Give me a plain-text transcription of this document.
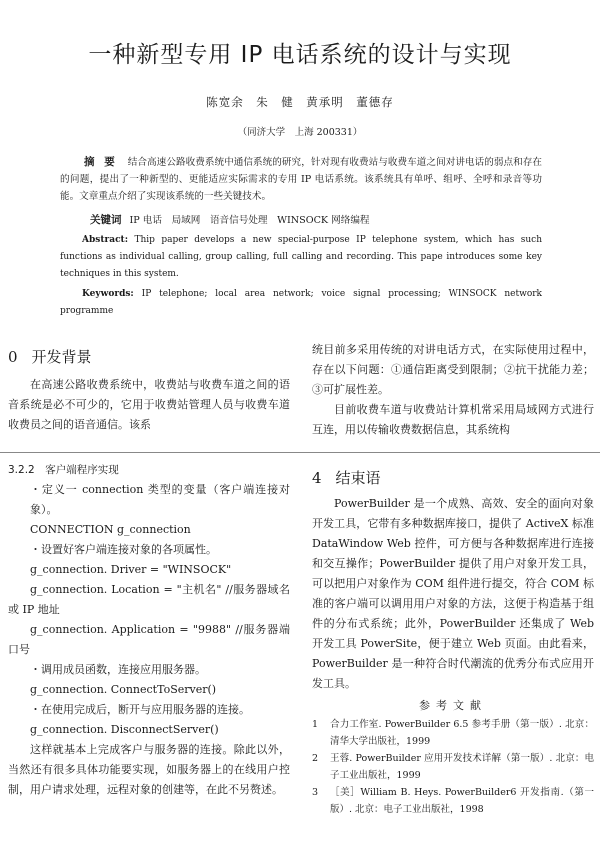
一种新型专用 IP 电话系统的设计与实现
陈宽余　朱　健　黄承明　董德存
（同济大学　上海 200331）
摘 要 结合高速公路收费系统中通信系统的研究，针对现有收费站与收费车道之间对讲电话的弱点和存在的问题，提出了一种新型的、更能适应实际需求的专用 IP 电话系统。该系统具有单呼、组呼、全呼和录音等功能。文章重点介绍了实现该系统的一些关键技术。
关键词 IP 电话　局域网　语音信号处理　WINSOCK 网络编程
Abstract: Thip paper develops a new special-purpose IP telephone system, which has such functions as individual calling, group calling, full calling and recording. This pape introduces some key techniques in this system.
Keywords: IP telephone; local area network; voice signal processing; WINSOCK network programme
0 开发背景

在高速公路收费系统中，收费站与收费车道之间的语音系统是必不可少的，它用于收费站管理人员与收费车道收费员之间的语音通信。该系

统目前多采用传统的对讲电话方式，在实际使用过程中，存在以下问题：①通信距离受到限制；②抗干扰能力差；③可扩展性差。

目前收费车道与收费站计算机常采用局域网方式进行互连，用以传输收费数据信息，其系统构

3.2.2　客户端程序实现

・定义一 connection 类型的变量（客户端连接对象）。

CONNECTION g_connection

・设置好客户端连接对象的各项属性。

g_connection. Driver = "WINSOCK"

g_connection. Location = "主机名" //服务器域名或 IP 地址

g_connection. Application = "9988" //服务器端口号

・调用成员函数，连接应用服务器。

g_connection. ConnectToServer()

・在使用完成后，断开与应用服务器的连接。

g_connection. DisconnectServer()

这样就基本上完成客户与服务器的连接。除此以外，当然还有很多具体功能要实现，如服务器上的在线用户控制，用户请求处理，远程对象的创建等，在此不另赘述。

4 结束语

PowerBuilder 是一个成熟、高效、安全的面向对象开发工具，它带有多种数据库接口，提供了 ActiveX 标准 DataWindow Web 控件，可方便与各种数据库进行连接和交互操作；PowerBuilder 提供了用户对象开发工具，可以把用户对象作为 COM 组件进行提交，符合 COM 标准的客户端可以调用用户对象的方法，这便于构造基于组件的分布式系统；此外，PowerBuilder 还集成了 Web 开发工具 PowerSite，便于建立 Web 页面。由此看来，PowerBuilder 是一种符合时代潮流的优秀分布式应用开发工具。

参考文献
1 合力工作室. PowerBuilder 6.5 参考手册（第一版）. 北京：清华大学出版社，1999
2 王蓉. PowerBuilder 应用开发技术详解（第一版）. 北京：电子工业出版社，1999
3 ［美］William B. Heys. PowerBuilder6 开发指南.（第一版）. 北京：电子工业出版社，1998
